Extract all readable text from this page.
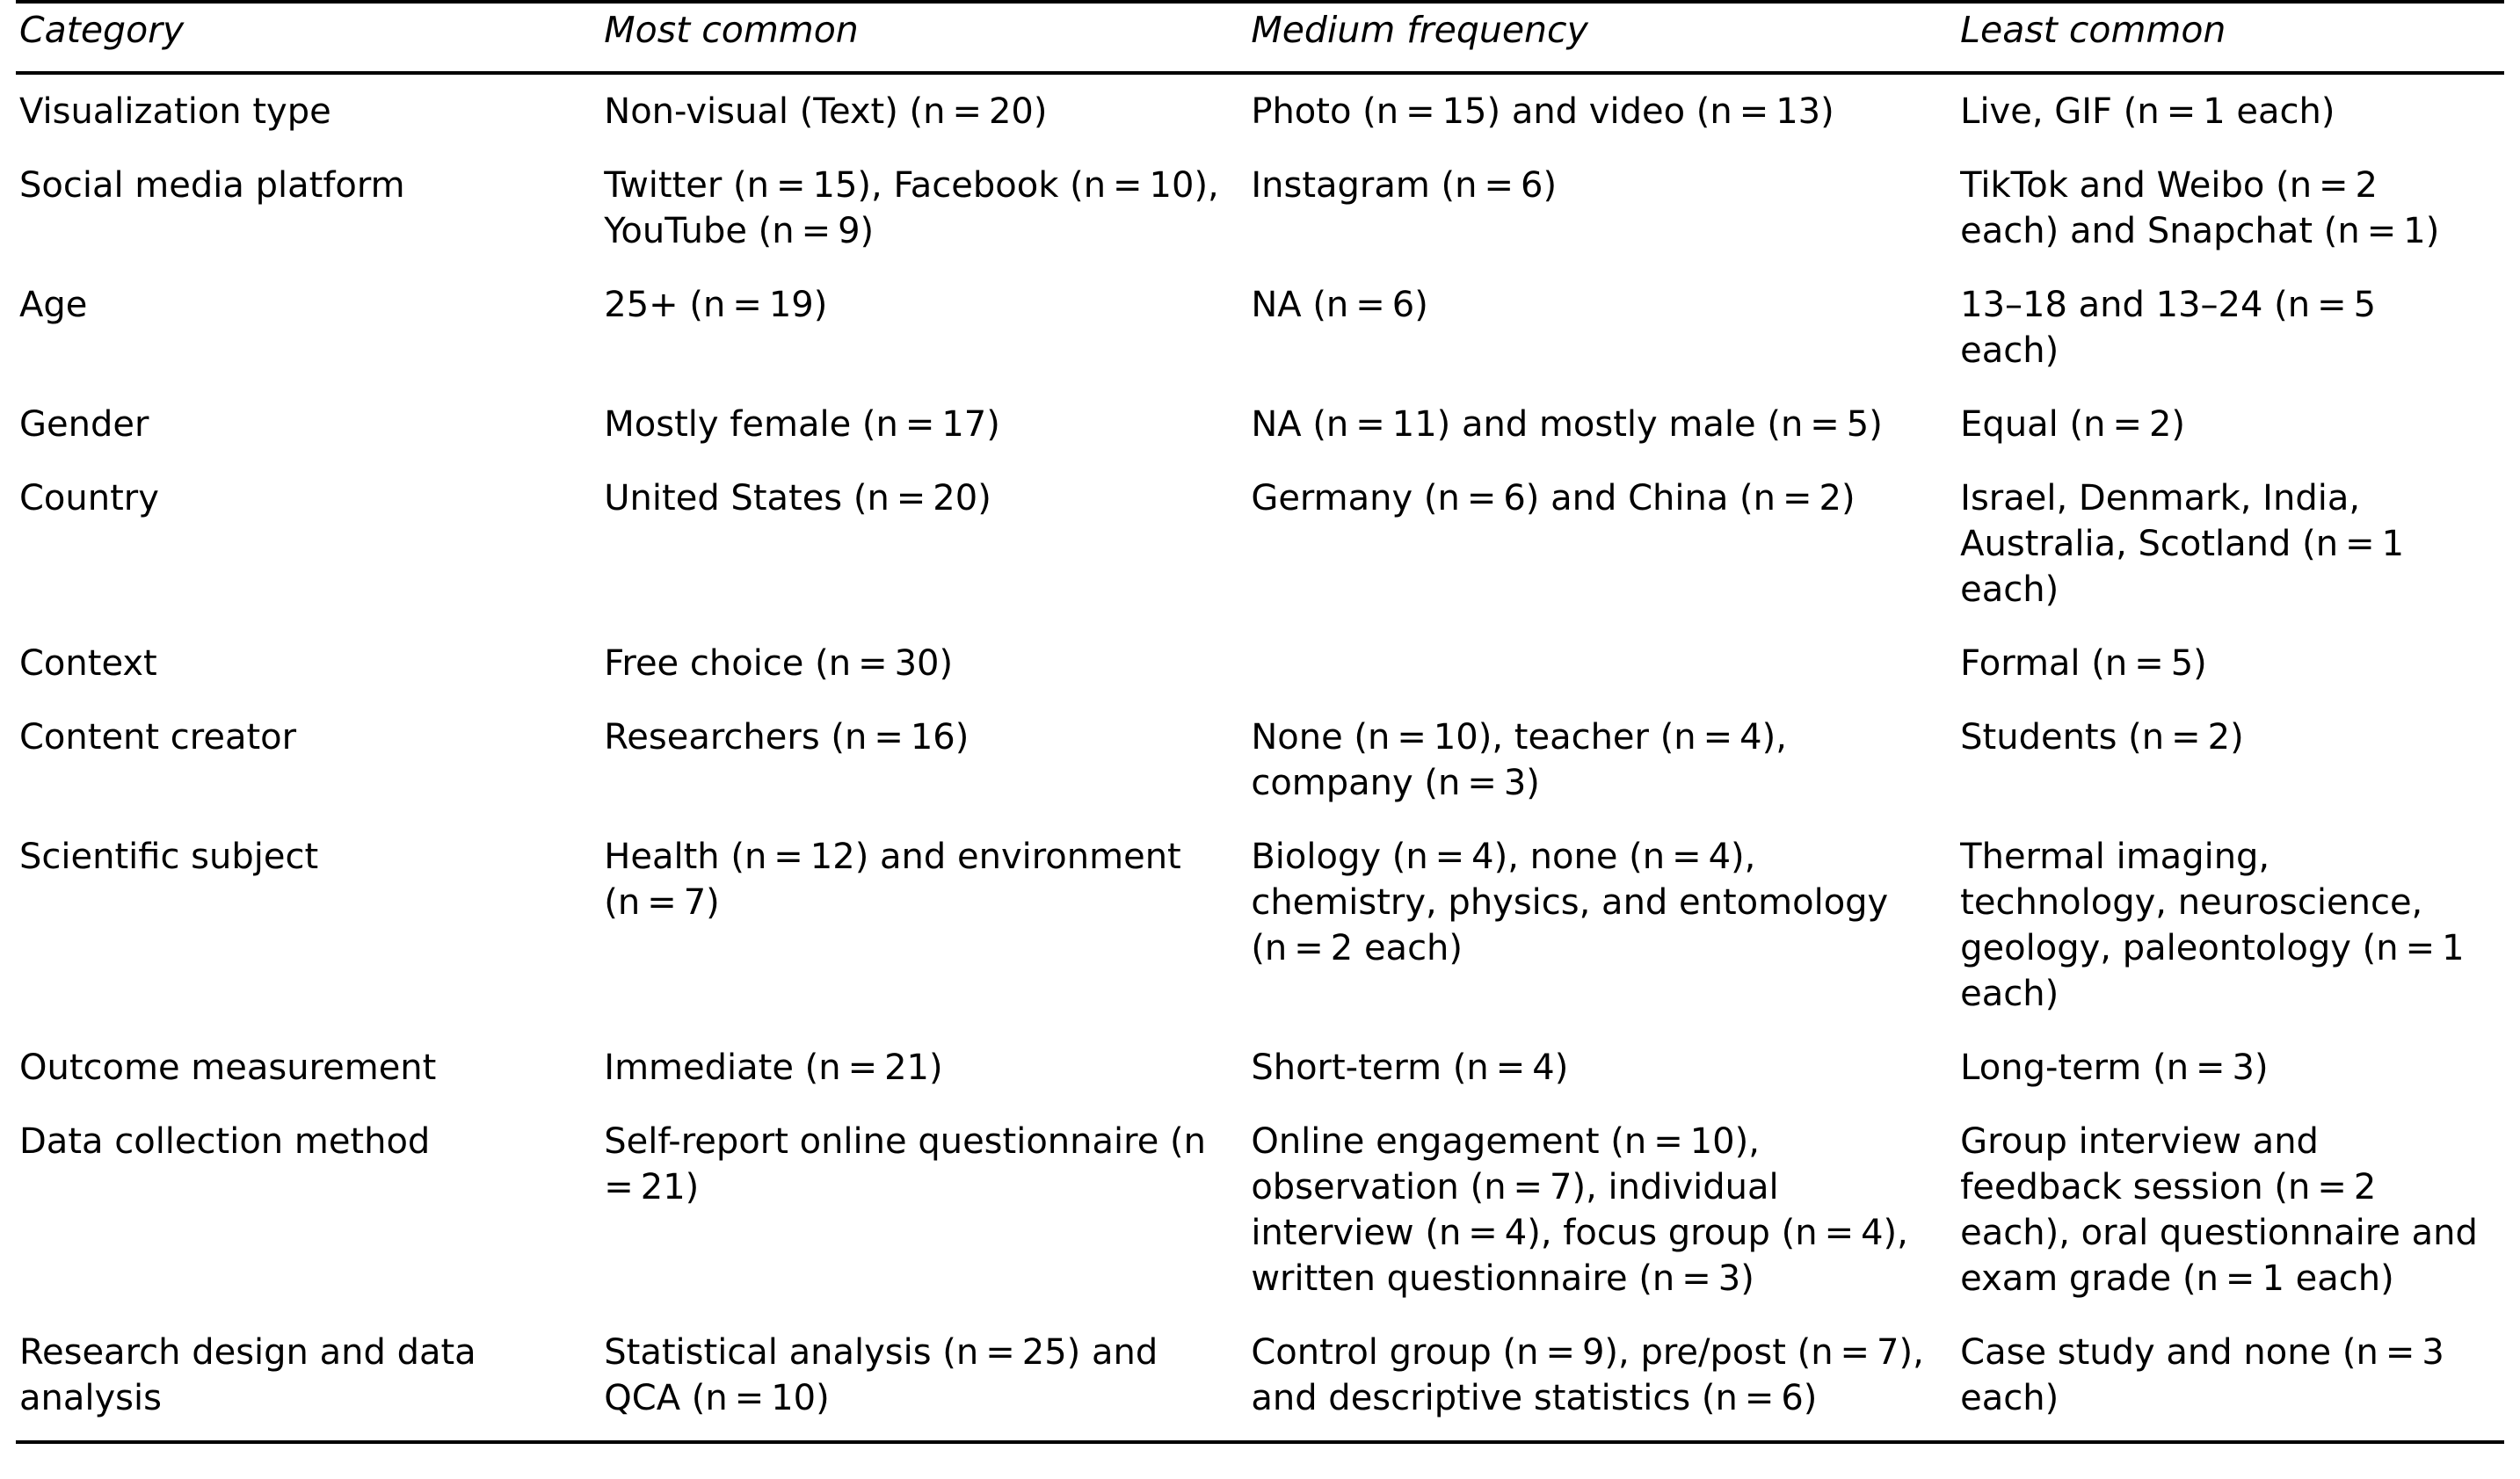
Category	Most common	Medium frequency	Least common
Visualization type	Non-visual (Text) (n = 20)	Photo (n = 15) and video (n = 13)	Live, GIF (n = 1 each)
Social media platform	Twitter (n = 15), Facebook (n = 10), YouTube (n = 9)	Instagram (n = 6)	TikTok and Weibo (n = 2 each) and Snapchat (n = 1)
Age	25+ (n = 19)	NA (n = 6)	13–18 and 13–24 (n = 5 each)
Gender	Mostly female (n = 17)	NA (n = 11) and mostly male (n = 5)	Equal (n = 2)
Country	United States (n = 20)	Germany (n = 6) and China (n = 2)	Israel, Denmark, India, Australia, Scotland (n = 1 each)
Context	Free choice (n = 30)		Formal (n = 5)
Content creator	Researchers (n = 16)	None (n = 10), teacher (n = 4), company (n = 3)	Students (n = 2)
Scientific subject	Health (n = 12) and environment (n = 7)	Biology (n = 4), none (n = 4), chemistry, physics, and entomology (n = 2 each)	Thermal imaging, technology, neuroscience, geology, paleontology (n = 1 each)
Outcome measurement	Immediate (n = 21)	Short-term (n = 4)	Long-term (n = 3)
Data collection method	Self-report online questionnaire (n = 21)	Online engagement (n = 10), observation (n = 7), individual interview (n = 4), focus group (n = 4), written questionnaire (n = 3)	Group interview and feedback session (n = 2 each), oral questionnaire and exam grade (n = 1 each)
Research design and data analysis	Statistical analysis (n = 25) and QCA (n = 10)	Control group (n = 9), pre/post (n = 7), and descriptive statistics (n = 6)	Case study and none (n = 3 each)
